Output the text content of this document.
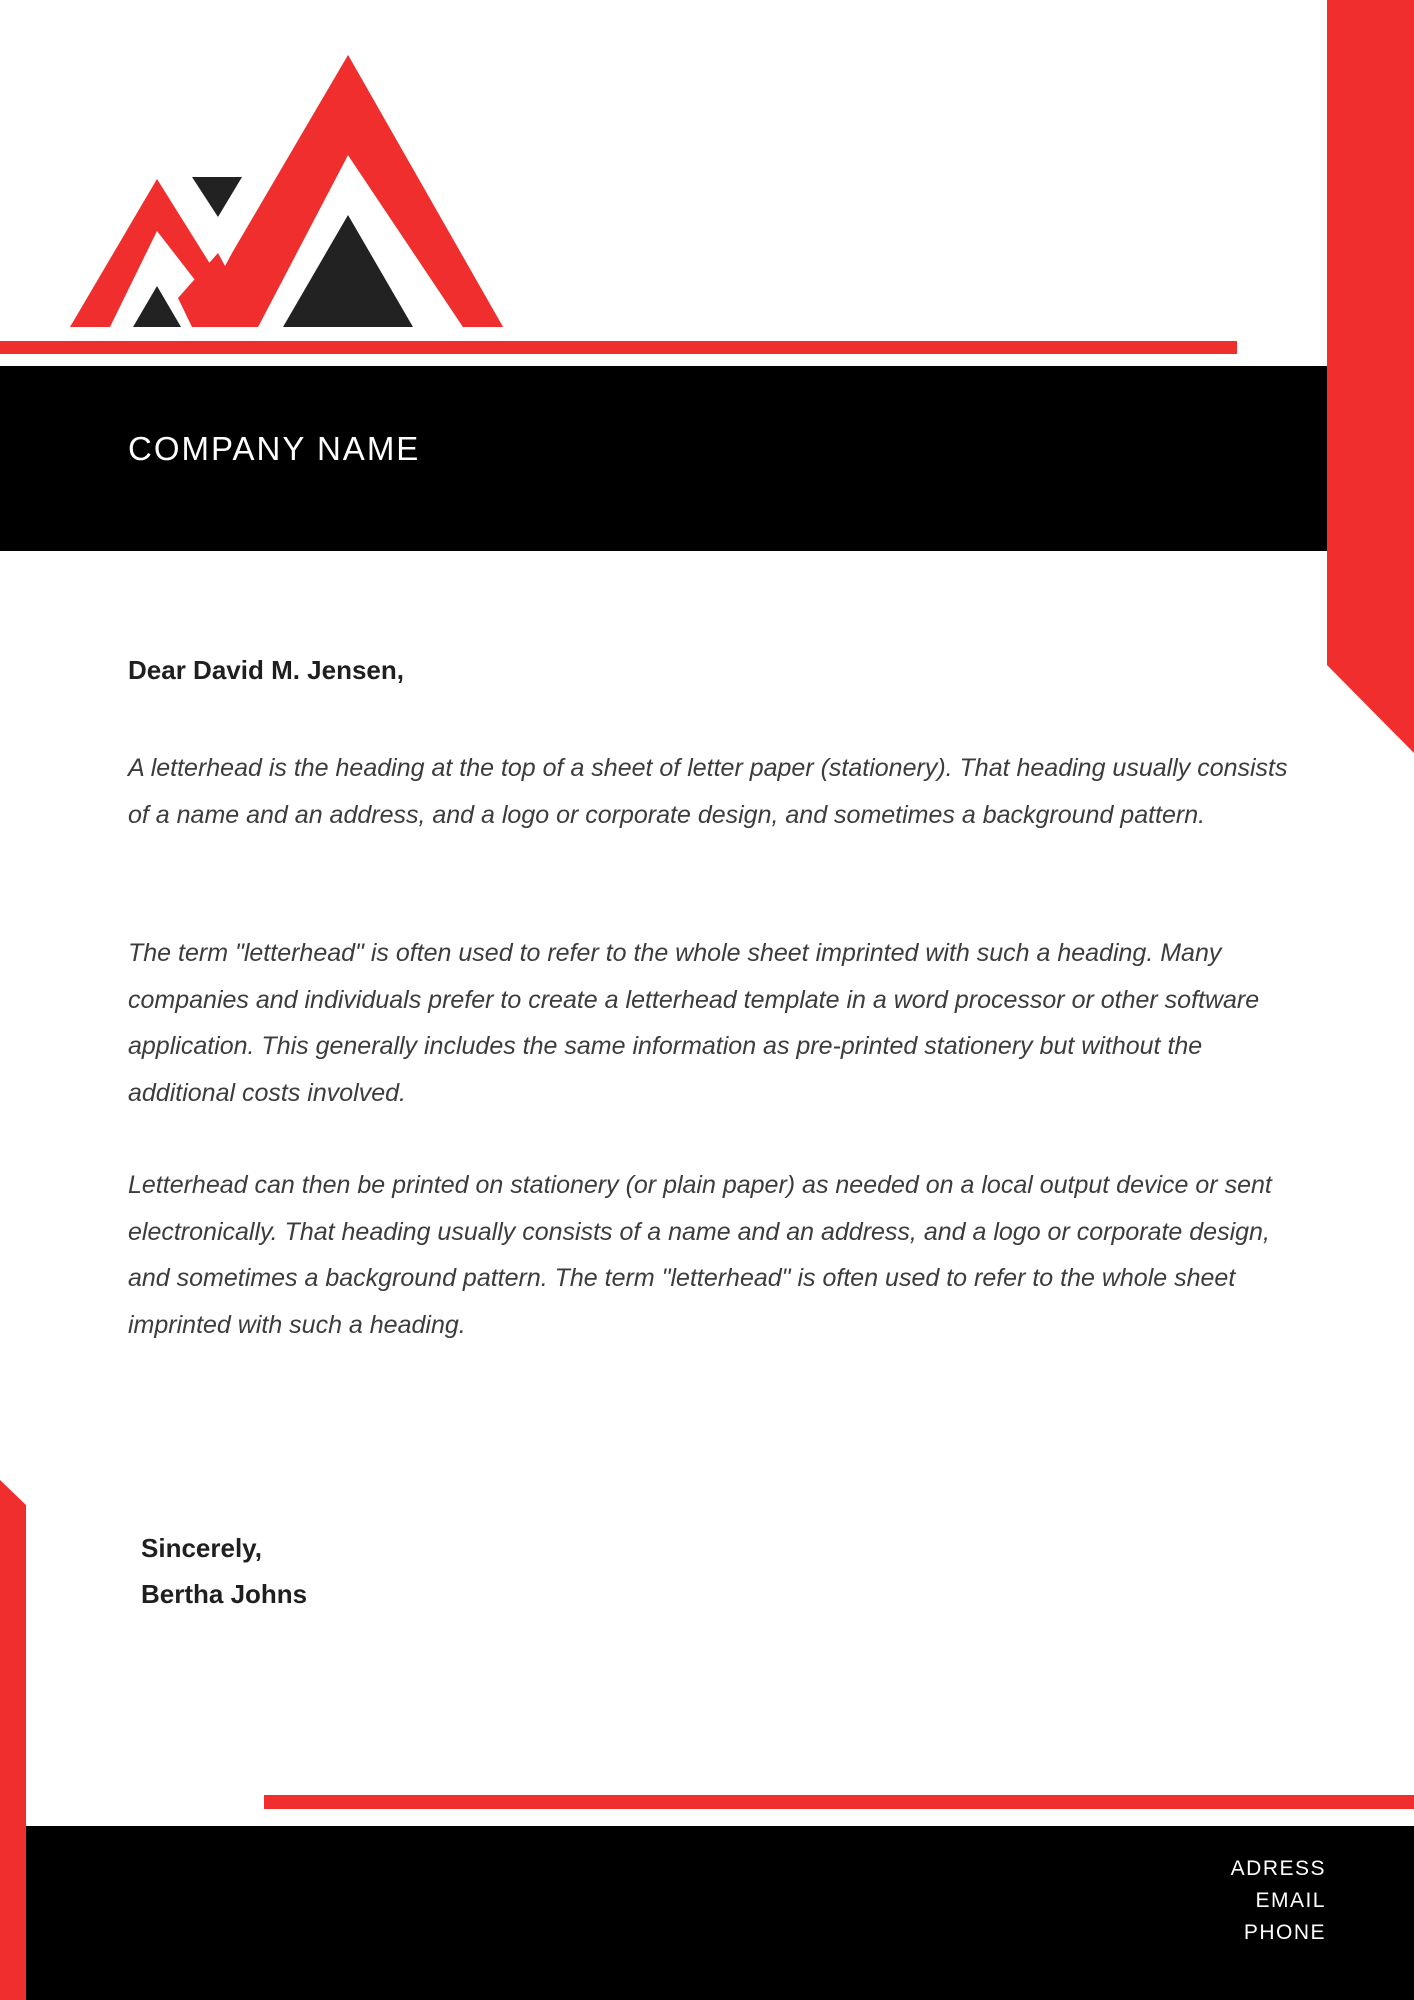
COMPANY NAME

Dear David M. Jensen,

A letterhead is the heading at the top of a sheet of letter paper (stationery). That heading usually consists of a name and an address, and a logo or corporate design, and sometimes a background pattern.

The term "letterhead" is often used to refer to the whole sheet imprinted with such a heading. Many companies and individuals prefer to create a letterhead template in a word processor or other software application. This generally includes the same information as pre-printed stationery but without the additional costs involved.

Letterhead can then be printed on stationery (or plain paper) as needed on a local output device or sent electronically. That heading usually consists of a name and an address, and a logo or corporate design, and sometimes a background pattern. The term "letterhead" is often used to refer to the whole sheet imprinted with such a heading.

Sincerely,
Bertha Johns
ADRESS
EMAIL
PHONE
